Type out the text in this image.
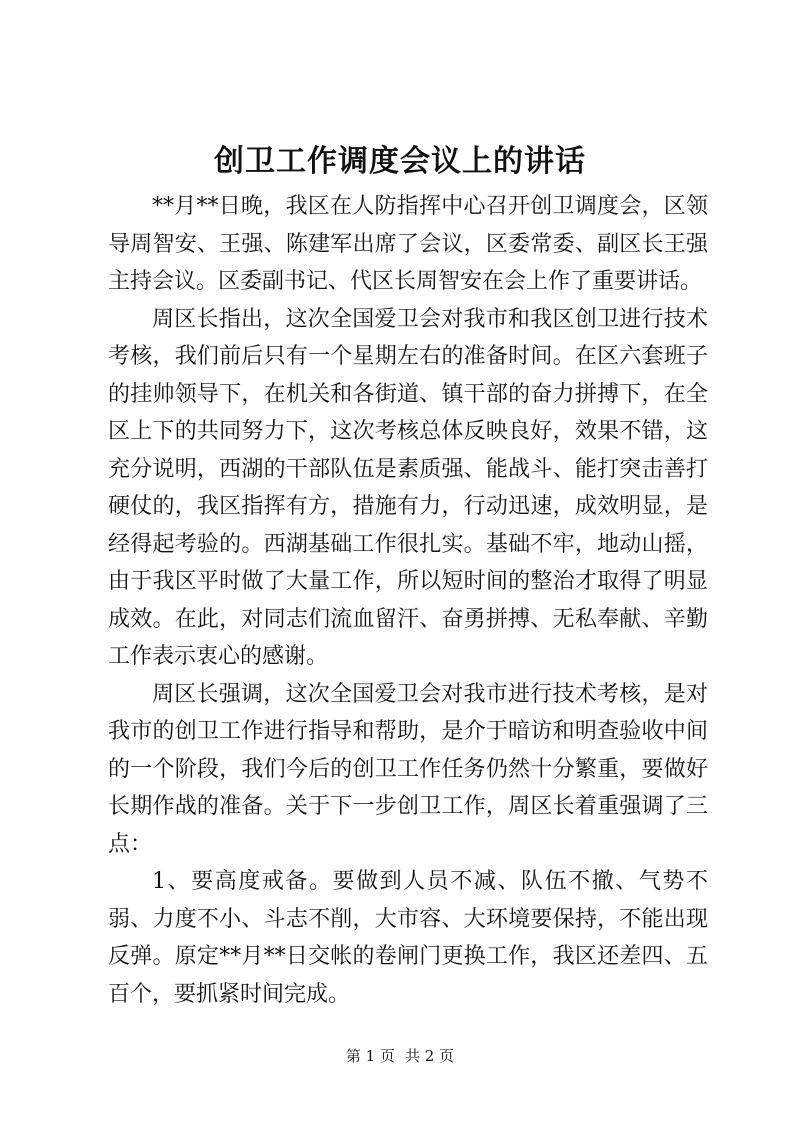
创卫工作调度会议上的讲话

**月**日晚，我区在人防指挥中心召开创卫调度会，区领导周智安、王强、陈建军出席了会议，区委常委、副区长王强主持会议。区委副书记、代区长周智安在会上作了重要讲话。

周区长指出，这次全国爱卫会对我市和我区创卫进行技术考核，我们前后只有一个星期左右的准备时间。在区六套班子的挂帅领导下，在机关和各街道、镇干部的奋力拼搏下，在全区上下的共同努力下，这次考核总体反映良好，效果不错，这充分说明，西湖的干部队伍是素质强、能战斗、能打突击善打硬仗的，我区指挥有方，措施有力，行动迅速，成效明显，是经得起考验的。西湖基础工作很扎实。基础不牢，地动山摇，由于我区平时做了大量工作，所以短时间的整治才取得了明显成效。在此，对同志们流血留汗、奋勇拼搏、无私奉献、辛勤工作表示衷心的感谢。

周区长强调，这次全国爱卫会对我市进行技术考核，是对我市的创卫工作进行指导和帮助，是介于暗访和明查验收中间的一个阶段，我们今后的创卫工作任务仍然十分繁重，要做好长期作战的准备。关于下一步创卫工作，周区长着重强调了三点：

1、要高度戒备。要做到人员不减、队伍不撤、气势不弱、力度不小、斗志不削，大市容、大环境要保持，不能出现反弹。原定**月**日交帐的卷闸门更换工作，我区还差四、五百个，要抓紧时间完成。

第 1 页 共 2 页
